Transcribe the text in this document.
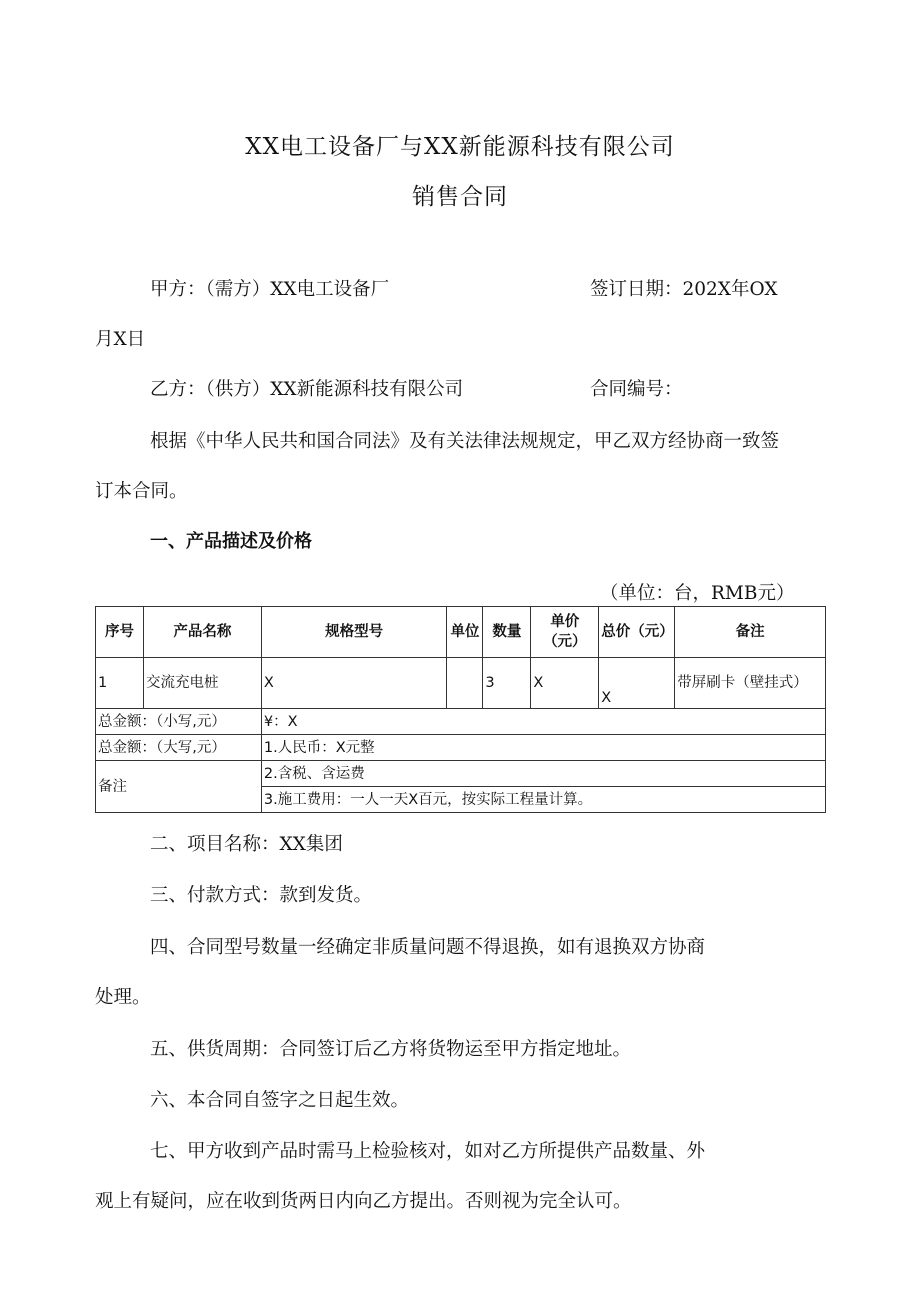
XX电工设备厂与XX新能源科技有限公司
销售合同
甲方：（需方）XX电工设备厂	签订日期：202X年OX
月X日
乙方：（供方）XX新能源科技有限公司	合同编号：
根据《中华人民共和国合同法》及有关法律法规规定，甲乙双方经协商一致签
订本合同。
一、产品描述及价格
（单位：台，RMB元）
序号	产品名称	规格型号	单位	数量	单价（元）	总价（元）	备注
1	交流充电桩	X		3	X	X	带屏刷卡（壁挂式）
总金额：（小写,元）		¥：X					
总金额：（大写,元）		1.人民币：X元整					
备注		2.含税、含运费					
		3.施工费用：一人一天X百元，按实际工程量计算。					
二、项目名称：XX集团
三、付款方式：款到发货。
四、合同型号数量一经确定非质量问题不得退换，如有退换双方协商
处理。
五、供货周期：合同签订后乙方将货物运至甲方指定地址。
六、本合同自签字之日起生效。
七、甲方收到产品时需马上检验核对，如对乙方所提供产品数量、外
观上有疑问，应在收到货两日内向乙方提出。否则视为完全认可。
